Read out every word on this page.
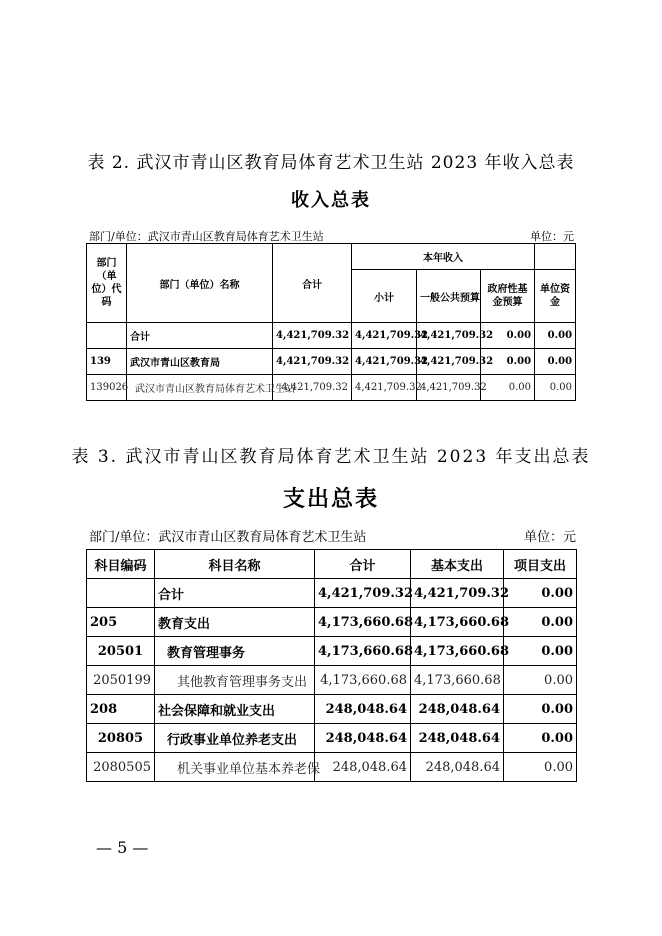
表 2. 武汉市青山区教育局体育艺术卫生站 2023 年收入总表
收入总表
部门/单位：武汉市青山区教育局体育艺术卫生站	单位：元
部门（单位）代码	部门（单位）名称	合计	本年收入			
			小计	一般公共预算	政府性基金预算	单位资金
	合计	4,421,709.32	4,421,709.32	4,421,709.32	0.00	0.00
139	武汉市青山区教育局	4,421,709.32	4,421,709.32	4,421,709.32	0.00	0.00
139026	武汉市青山区教育局体育艺术卫生站	4,421,709.32	4,421,709.32	4,421,709.32	0.00	0.00
表 3. 武汉市青山区教育局体育艺术卫生站 2023 年支出总表
支出总表
部门/单位：武汉市青山区教育局体育艺术卫生站	单位：元
科目编码	科目名称	合计	基本支出	项目支出
	合计	4,421,709.32	4,421,709.32	0.00
205	教育支出	4,173,660.68	4,173,660.68	0.00
20501	教育管理事务	4,173,660.68	4,173,660.68	0.00
2050199	其他教育管理事务支出	4,173,660.68	4,173,660.68	0.00
208	社会保障和就业支出	248,048.64	248,048.64	0.00
20805	行政事业单位养老支出	248,048.64	248,048.64	0.00
2080505	机关事业单位基本养老保	248,048.64	248,048.64	0.00
— 5 —
